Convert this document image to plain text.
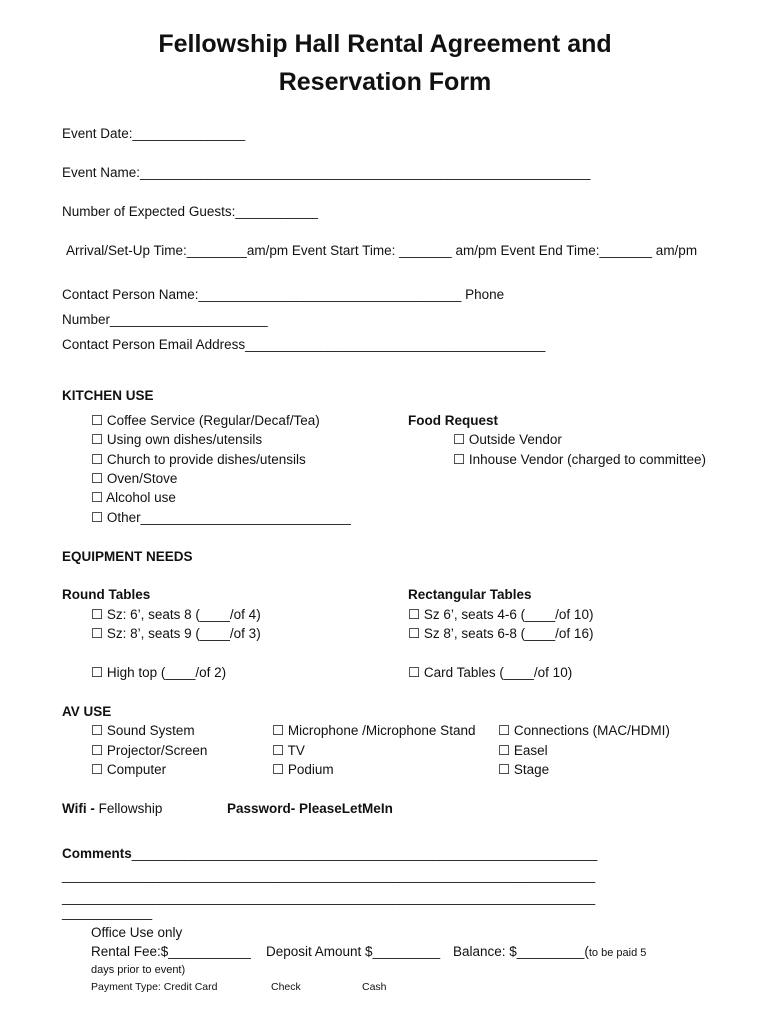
Fellowship Hall Rental Agreement and
Reservation Form
Event Date:_______________
Event Name:____________________________________________________________
Number of Expected Guests:___________
Arrival/Set-Up Time:________am/pm Event Start Time: _______ am/pm Event End Time:_______ am/pm
Contact Person Name:___________________________________ Phone
Number_____________________
Contact Person Email Address________________________________________
KITCHEN USE
☐ Coffee Service (Regular/Decaf/Tea)
☐ Using own dishes/utensils
☐ Church to provide dishes/utensils
☐ Oven/Stove
☐ Alcohol use
☐ Other____________________________
Food Request
☐ Outside Vendor
☐ Inhouse Vendor (charged to committee)
EQUIPMENT NEEDS
Round Tables
☐ Sz: 6’, seats 8 (____/of 4)
☐ Sz: 8’, seats 9 (____/of 3)
☐ High top (____/of 2)
Rectangular Tables
☐ Sz 6’, seats 4-6 (____/of 10)
☐ Sz 8’, seats 6-8 (____/of 16)
☐ Card Tables (____/of 10)
AV USE
☐ Sound System
☐ Projector/Screen
☐ Computer
☐ Microphone /Microphone Stand
☐ TV
☐ Podium
☐ Connections (MAC/HDMI)
☐ Easel
☐ Stage
Wifi - Fellowship	Password- PleaseLetMeIn
Comments______________________________________________________________
_______________________________________________________________________
_______________________________________________________________________
____________
Office Use only
Rental Fee:$___________ Deposit Amount $_________ Balance: $_________(to be paid 5
days prior to event)
Payment Type: Credit Card	Check	Cash
